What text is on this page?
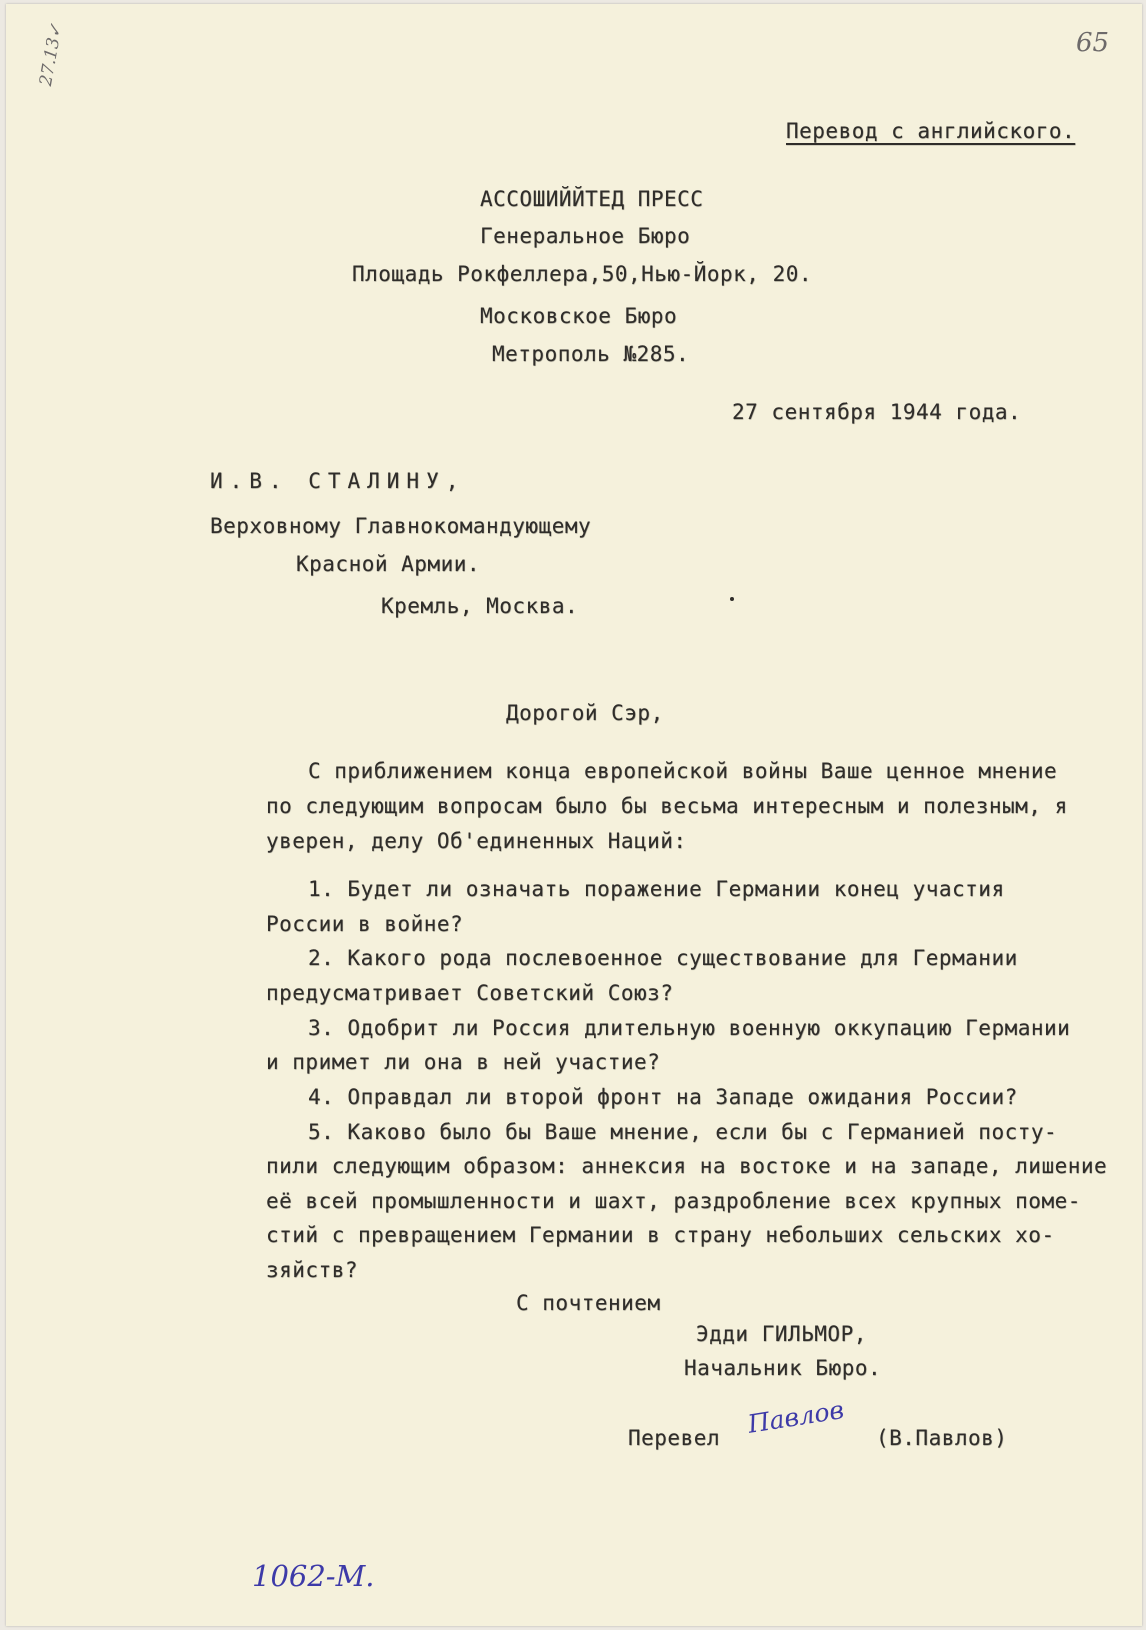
27.13✓	65
Перевод с английского.
АССОШИЙЙТЕД ПРЕСС
Генеральное Бюро
Площадь Рокфеллера,50,Нью-Йорк, 20.
Московское Бюро
Метрополь №285.
27 сентября 1944 года.
И.В. СТАЛИНУ,
Верховному Главнокомандующему
Красной Армии.
Кремль, Москва.
Дорогой Сэр,
С приближением конца европейской войны Ваше ценное мнение
по следующим вопросам было бы весьма интересным и полезным, я
уверен, делу Об'единенных Наций:
1. Будет ли означать поражение Германии конец участия
России в войне?
2. Какого рода послевоенное существование для Германии
предусматривает Советский Союз?
3. Одобрит ли Россия длительную военную оккупацию Германии
и примет ли она в ней участие?
4. Оправдал ли второй фронт на Западе ожидания России?
5. Каково было бы Ваше мнение, если бы с Германией посту-
пили следующим образом: аннексия на востоке и на западе, лишение
её всей промышленности и шахт, раздробление всех крупных поме-
стий с превращением Германии в страну небольших сельских хо-
зяйств?
С почтением
Эдди ГИЛЬМОР,
Начальник Бюро.
Перевел Павлов (В.Павлов)
1062-М.
